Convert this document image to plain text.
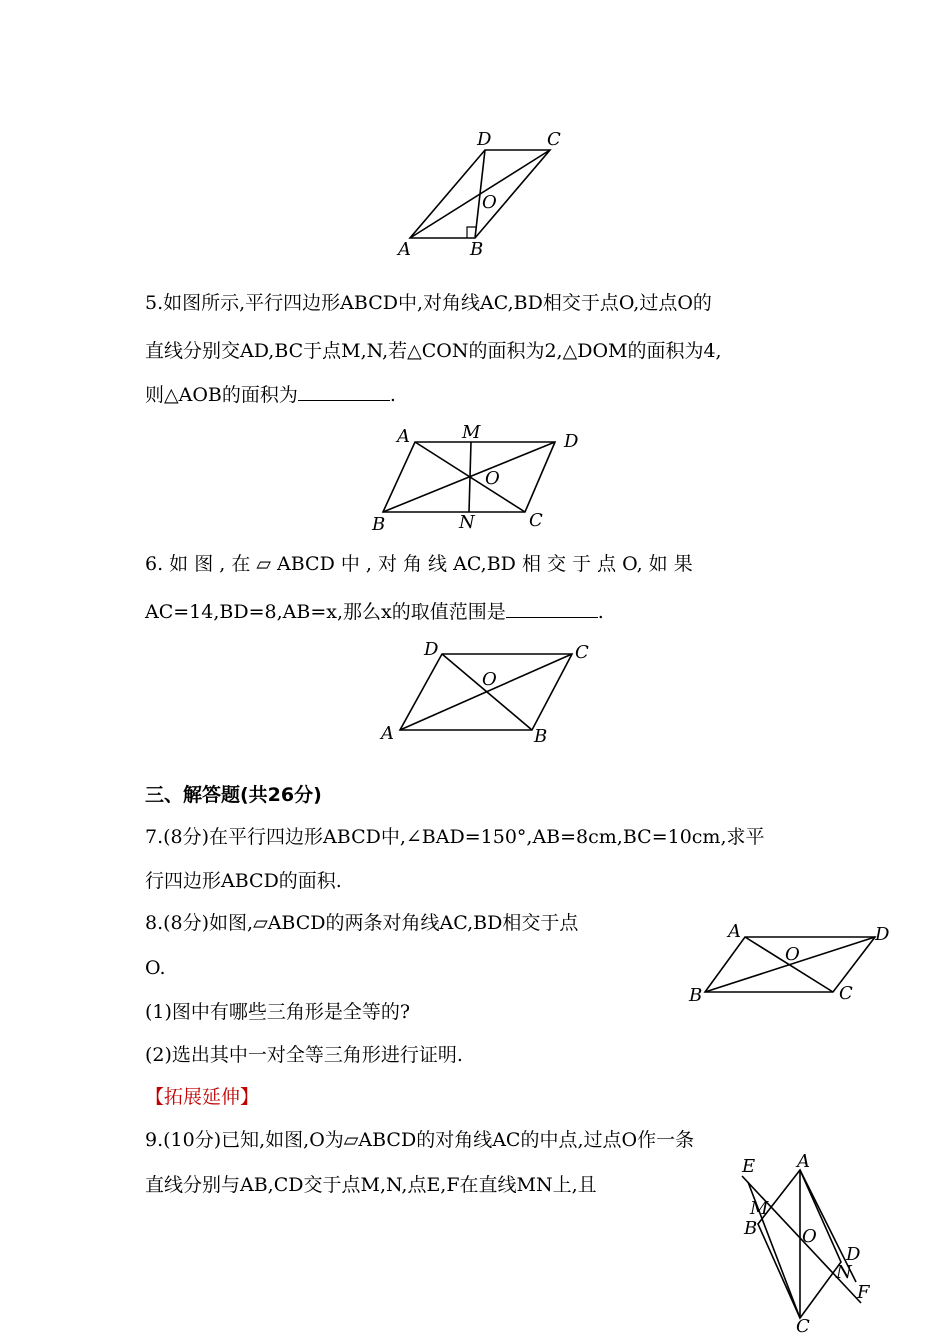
A	B
C
D
O
5.如图所示,平行四边形ABCD中,对角线AC,BD相交于点O,过点O的
直线分别交AD,BC于点M,N,若△CON的面积为2,△DOM的面积为4,
则△AOB的面积为	.
A	M	D
O
B	N	C
6. 如 图 , 在 ▱ ABCD 中 , 对 角 线 AC,BD 相 交 于 点 O, 如 果
AC=14,BD=8,AB=x,那么x的取值范围是	.
D	C
O
A	B
三、解答题(共26分)
7.(8分)在平行四边形ABCD中,∠BAD=150°,AB=8cm,BC=10cm,求平
行四边形ABCD的面积.
8.(8分)如图,▱ABCD的两条对角线AC,BD相交于点
O.
(1)图中有哪些三角形是全等的?
(2)选出其中一对全等三角形进行证明.
A	D
O
B	C
【拓展延伸】
9.(10分)已知,如图,O为▱ABCD的对角线AC的中点,过点O作一条
直线分别与AB,CD交于点M,N,点E,F在直线MN上,且
E A
M
B O
D
N
F
C
